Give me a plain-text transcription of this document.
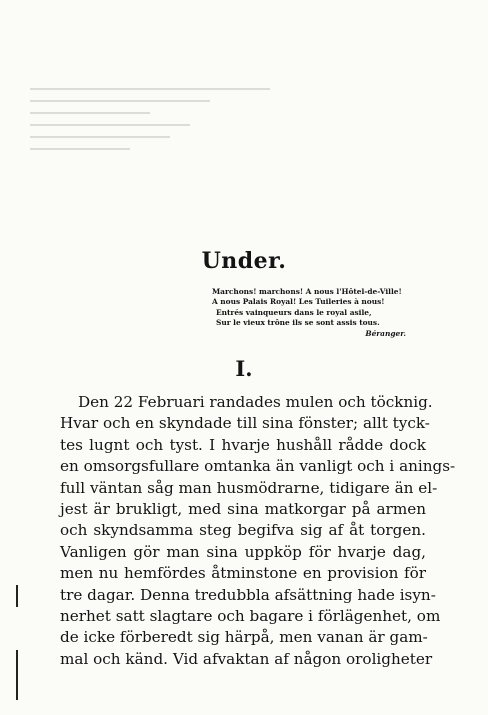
Under.
Marchons! marchons! A nous l'Hôtel-de-Ville!
A nous Palais Royal! Les Tuileries à nous!
Entrés vainqueurs dans le royal asile,
Sur le vieux trône ils se sont assis tous.
Béranger.
I.
Den 22 Februari randades mulen och töcknig.
Hvar och en skyndade till sina fönster; allt tyck-
tes lugnt och tyst. I hvarje hushåll rådde dock
en omsorgsfullare omtanka än vanligt och i anings-
full väntan såg man husmödrarne, tidigare än el-
jest är brukligt, med sina matkorgar på armen
och skyndsamma steg begifva sig af åt torgen.
Vanligen gör man sina uppköp för hvarje dag,
men nu hemfördes åtminstone en provision för
tre dagar. Denna tredubbla afsättning hade isyn-
nerhet satt slagtare och bagare i förlägenhet, om
de icke förberedt sig härpå, men vanan är gam-
mal och känd. Vid afvaktan af någon oroligheter
